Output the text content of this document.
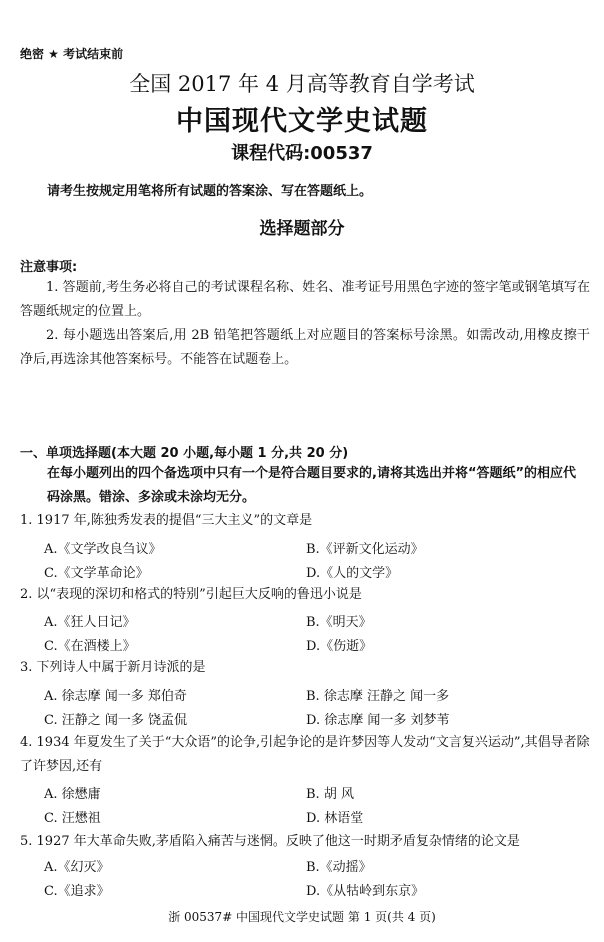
绝密 ★ 考试结束前
全国 2017 年 4 月高等教育自学考试
中国现代文学史试题
课程代码:00537
请考生按规定用笔将所有试题的答案涂、写在答题纸上。
选择题部分
注意事项:
1. 答题前,考生务必将自己的考试课程名称、姓名、准考证号用黑色字迹的签字笔或钢笔填写在答题纸规定的位置上。
2. 每小题选出答案后,用 2B 铅笔把答题纸上对应题目的答案标号涂黑。如需改动,用橡皮擦干净后,再选涂其他答案标号。不能答在试题卷上。
一、单项选择题(本大题 20 小题,每小题 1 分,共 20 分)
在每小题列出的四个备选项中只有一个是符合题目要求的,请将其选出并将“答题纸”的相应代码涂黑。错涂、多涂或未涂均无分。
1. 1917 年,陈独秀发表的提倡“三大主义”的文章是
A.《文学改良刍议》	B.《评新文化运动》
C.《文学革命论》	D.《人的文学》
2. 以“表现的深切和格式的特别”引起巨大反响的鲁迅小说是
A.《狂人日记》	B.《明天》
C.《在酒楼上》	D.《伤逝》
3. 下列诗人中属于新月诗派的是
A. 徐志摩 闻一多 郑伯奇	B. 徐志摩 汪静之 闻一多
C. 汪静之 闻一多 饶孟侃	D. 徐志摩 闻一多 刘梦苇
4. 1934 年夏发生了关于“大众语”的论争,引起争论的是许梦因等人发动“文言复兴运动”,其倡导者除了许梦因,还有
A. 徐懋庸	B. 胡 风
C. 汪懋祖	D. 林语堂
5. 1927 年大革命失败,茅盾陷入痛苦与迷惘。反映了他这一时期矛盾复杂情绪的论文是
A.《幻灭》	B.《动摇》
C.《追求》	D.《从牯岭到东京》
浙 00537# 中国现代文学史试题 第 1 页(共 4 页)
